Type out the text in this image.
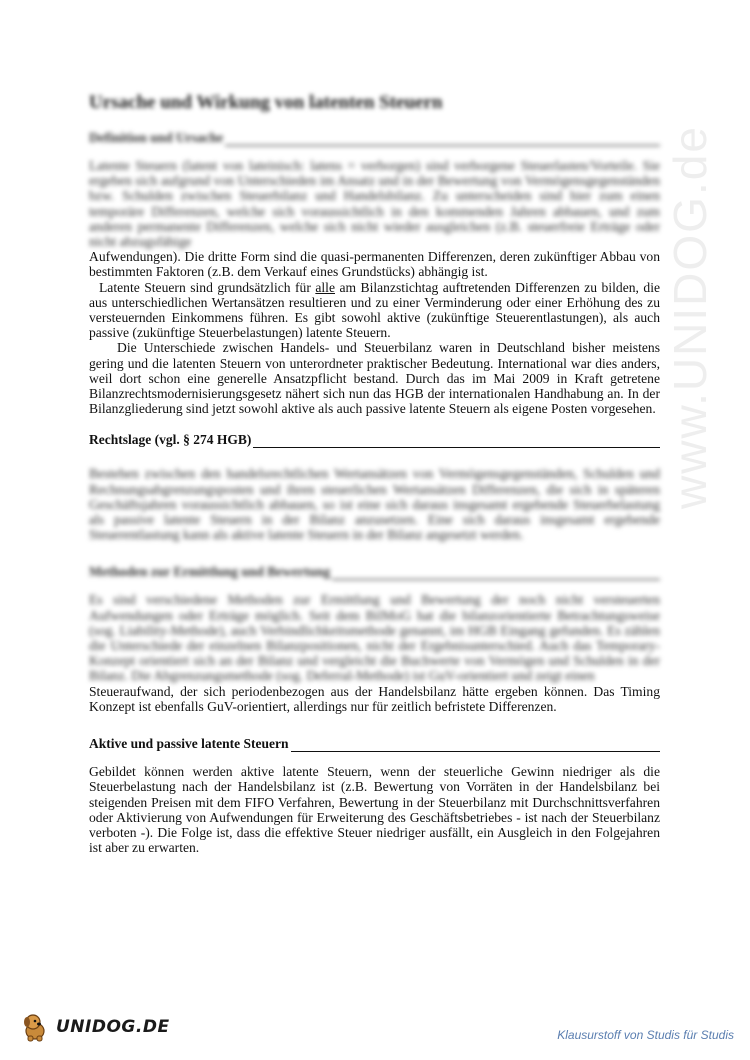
www.UNIDOG.de
Ursache und Wirkung von latenten Steuern
Definition und Ursache

Latente Steuern (latent von lateinisch: latens = verborgen) sind verborgene Steuerlasten/Vorteile. Sie ergeben sich aufgrund von Unterschieden im Ansatz und in der Bewertung von Vermögensgegenständen bzw. Schulden zwischen Steuerbilanz und Handelsbilanz. Zu unterscheiden sind hier zum einen temporäre Differenzen, welche sich voraussichtlich in den kommenden Jahren abbauen, und zum anderen permanente Differenzen, welche sich nicht wieder ausgleichen (z.B. steuerfreie Erträge oder nicht abzugsfähige

Aufwendungen). Die dritte Form sind die quasi-permanenten Differenzen, deren zukünftiger Abbau von bestimmten Faktoren (z.B. dem Verkauf eines Grundstücks) abhängig ist.

Latente Steuern sind grundsätzlich für alle am Bilanzstichtag auftretenden Differenzen zu bilden, die aus unterschiedlichen Wertansätzen resultieren und zu einer Verminderung oder einer Erhöhung des zu versteuernden Einkommens führen. Es gibt sowohl aktive (zukünftige Steuerentlastungen), als auch passive (zukünftige Steuerbelastungen) latente Steuern.

Die Unterschiede zwischen Handels- und Steuerbilanz waren in Deutschland bisher meistens gering und die latenten Steuern von unterordneter praktischer Bedeutung. International war dies anders, weil dort schon eine generelle Ansatzpflicht bestand. Durch das im Mai 2009 in Kraft getretene Bilanzrechtsmodernisierungsgesetz nähert sich nun das HGB der internationalen Handhabung an. In der Bilanzgliederung sind jetzt sowohl aktive als auch passive latente Steuern als eigene Posten vorgesehen.

Rechtslage (vgl. § 274 HGB)

Bestehen zwischen den handelsrechtlichen Wertansätzen von Vermögensgegenständen, Schulden und Rechnungsabgrenzungsposten und ihren steuerlichen Wertansätzen Differenzen, die sich in späteren Geschäftsjahren voraussichtlich abbauen, so ist eine sich daraus insgesamt ergebende Steuerbelastung als passive latente Steuern in der Bilanz anzusetzen. Eine sich daraus insgesamt ergebende Steuerentlastung kann als aktive latente Steuern in der Bilanz angesetzt werden.

Methoden zur Ermittlung und Bewertung

Es sind verschiedene Methoden zur Ermittlung und Bewertung der noch nicht versteuerten Aufwendungen oder Erträge möglich. Seit dem BilMoG hat die bilanzorientierte Betrachtungsweise (sog. Liability-Methode), auch Verbindlichkeitsmethode genannt, im HGB Eingang gefunden. Es zählen die Unterschiede der einzelnen Bilanzpositionen, nicht der Ergebnisunterschied. Auch das Temporary-Konzept orientiert sich an der Bilanz und vergleicht die Buchwerte von Vermögen und Schulden in der Bilanz. Die Abgrenzungsmethode (sog. Deferral-Methode) ist GuV-orientiert und zeigt einen

Steueraufwand, der sich periodenbezogen aus der Handelsbilanz hätte ergeben können. Das Timing Konzept ist ebenfalls GuV-orientiert, allerdings nur für zeitlich befristete Differenzen.

Aktive und passive latente Steuern

Gebildet können werden aktive latente Steuern, wenn der steuerliche Gewinn niedriger als die Steuerbelastung nach der Handelsbilanz ist (z.B. Bewertung von Vorräten in der Handelsbilanz bei steigenden Preisen mit dem FIFO Verfahren, Bewertung in der Steuerbilanz mit Durchschnittsverfahren oder Aktivierung von Aufwendungen für Erweiterung des Geschäftsbetriebes - ist nach der Steuerbilanz verboten -). Die Folge ist, dass die effektive Steuer niedriger ausfällt, ein Ausgleich in den Folgejahren ist aber zu erwarten.

UNIDOG.DE	Klausurstoff von Studis für Studis
